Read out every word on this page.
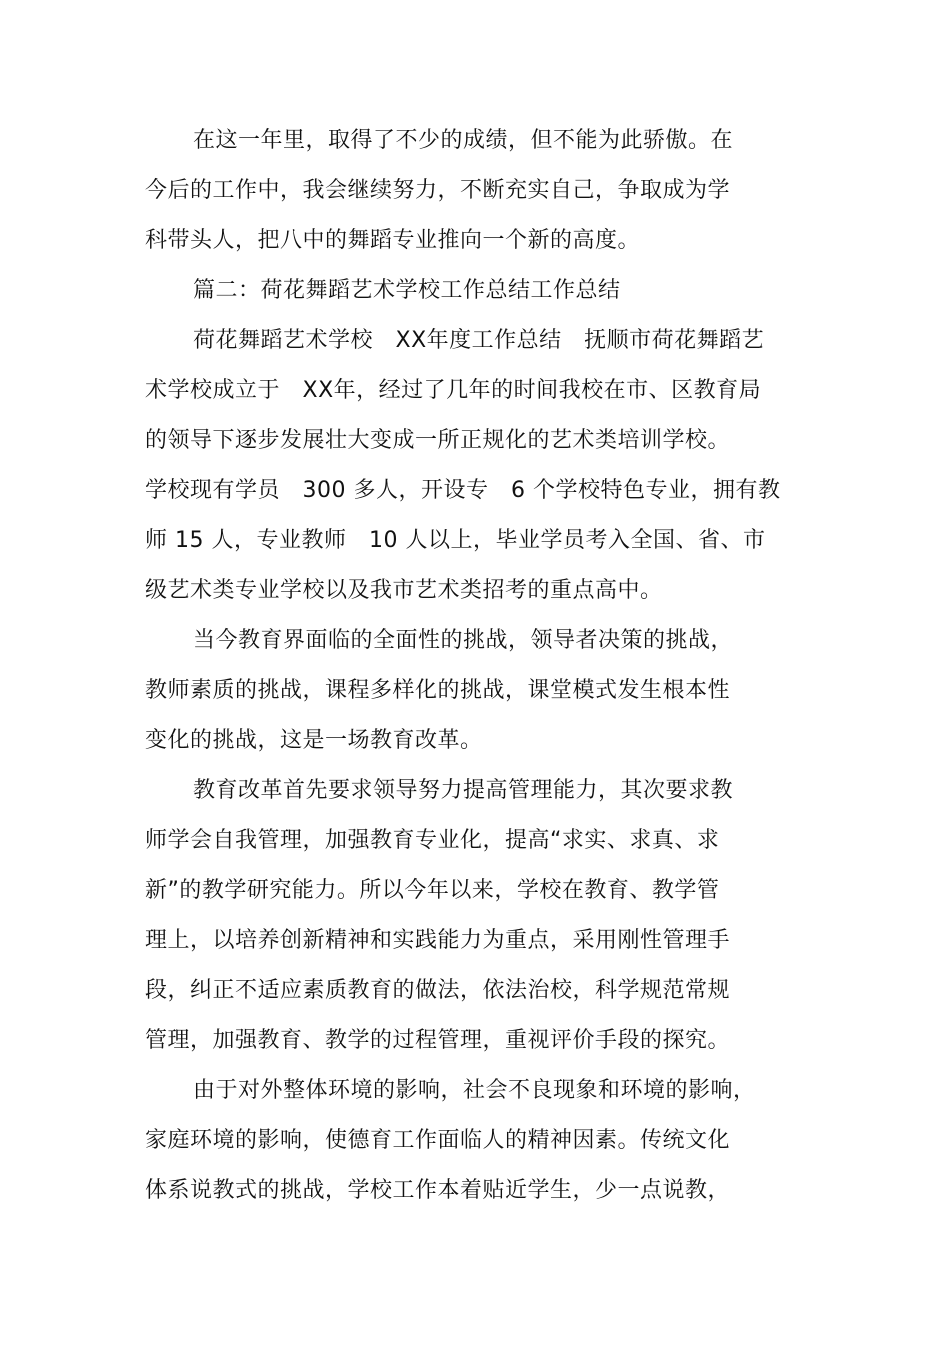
在这一年里，取得了不少的成绩，但不能为此骄傲。在
今后的工作中，我会继续努力，不断充实自己，争取成为学
科带头人，把八中的舞蹈专业推向一个新的高度。
篇二：荷花舞蹈艺术学校工作总结工作总结
荷花舞蹈艺术学校　XX年度工作总结　抚顺市荷花舞蹈艺
术学校成立于　XX年，经过了几年的时间我校在市、区教育局
的领导下逐步发展壮大变成一所正规化的艺术类培训学校。
学校现有学员　300 多人，开设专　6 个学校特色专业，拥有教
师 15 人，专业教师　10 人以上，毕业学员考入全国、省、市
级艺术类专业学校以及我市艺术类招考的重点高中。
当今教育界面临的全面性的挑战，领导者决策的挑战，
教师素质的挑战，课程多样化的挑战，课堂模式发生根本性
变化的挑战，这是一场教育改革。
教育改革首先要求领导努力提高管理能力，其次要求教
师学会自我管理，加强教育专业化，提高“求实、求真、求
新”的教学研究能力。所以今年以来，学校在教育、教学管
理上，以培养创新精神和实践能力为重点，采用刚性管理手
段，纠正不适应素质教育的做法，依法治校，科学规范常规
管理，加强教育、教学的过程管理，重视评价手段的探究。
由于对外整体环境的影响，社会不良现象和环境的影响，
家庭环境的影响，使德育工作面临人的精神因素。传统文化
体系说教式的挑战，学校工作本着贴近学生，少一点说教，
